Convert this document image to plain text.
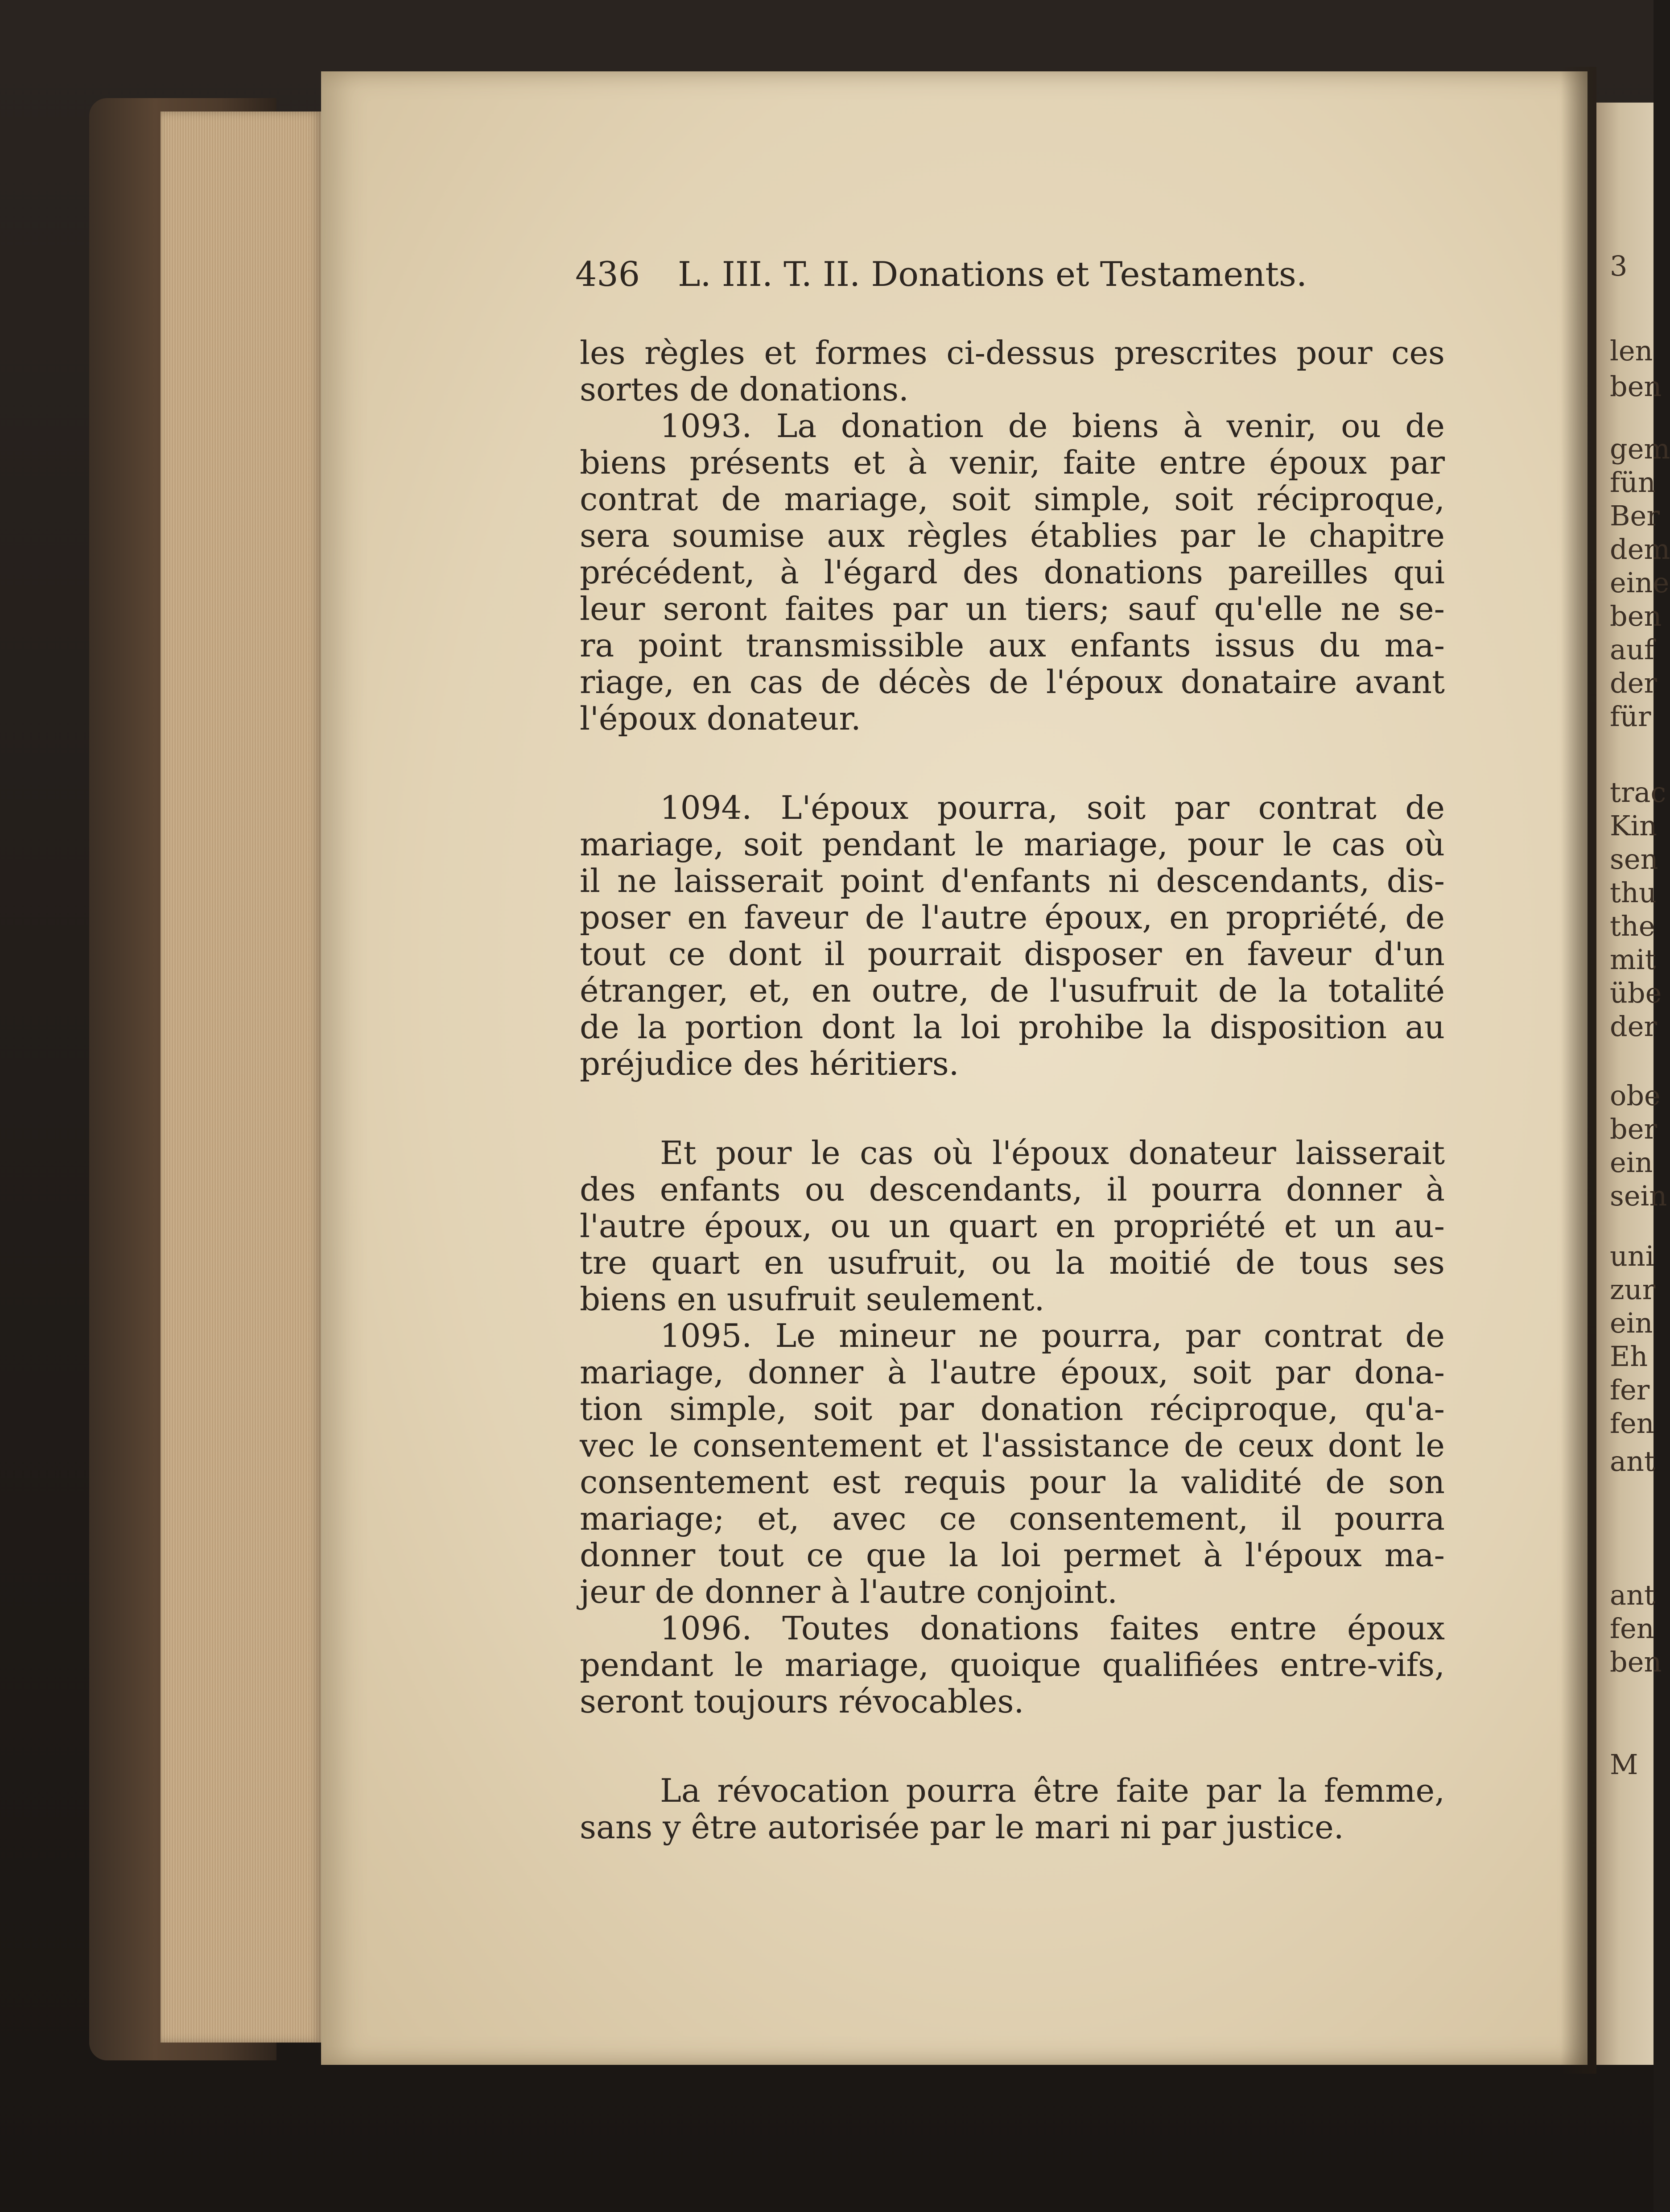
3
len
ben
gem
fün
Ber
dem
eine
ben
auf
der
für
trac
Kin
sen
thu
the
mit
übe
der
obe
ber
ein
sein
uni
zur
ein
Eh
fer
fen
ant
ant
fen
ben
M
436 L. III. T. II. Donations et Testaments.
les règles et formes ci-dessus prescrites pour ces
sortes de donations.
1093. La donation de biens à venir, ou de
biens présents et à venir, faite entre époux par
contrat de mariage, soit simple, soit réciproque,
sera soumise aux règles établies par le chapitre
précédent, à l'égard des donations pareilles qui
leur seront faites par un tiers; sauf qu'elle ne se-
ra point transmissible aux enfants issus du ma-
riage, en cas de décès de l'époux donataire avant
l'époux donateur.
1094. L'époux pourra, soit par contrat de
mariage, soit pendant le mariage, pour le cas où
il ne laisserait point d'enfants ni descendants, dis-
poser en faveur de l'autre époux, en propriété, de
tout ce dont il pourrait disposer en faveur d'un
étranger, et, en outre, de l'usufruit de la totalité
de la portion dont la loi prohibe la disposition au
préjudice des héritiers.
Et pour le cas où l'époux donateur laisserait
des enfants ou descendants, il pourra donner à
l'autre époux, ou un quart en propriété et un au-
tre quart en usufruit, ou la moitié de tous ses
biens en usufruit seulement.
1095. Le mineur ne pourra, par contrat de
mariage, donner à l'autre époux, soit par dona-
tion simple, soit par donation réciproque, qu'a-
vec le consentement et l'assistance de ceux dont le
consentement est requis pour la validité de son
mariage; et, avec ce consentement, il pourra
donner tout ce que la loi permet à l'époux ma-
jeur de donner à l'autre conjoint.
1096. Toutes donations faites entre époux
pendant le mariage, quoique qualifiées entre-vifs,
seront toujours révocables.
La révocation pourra être faite par la femme,
sans y être autorisée par le mari ni par justice.
